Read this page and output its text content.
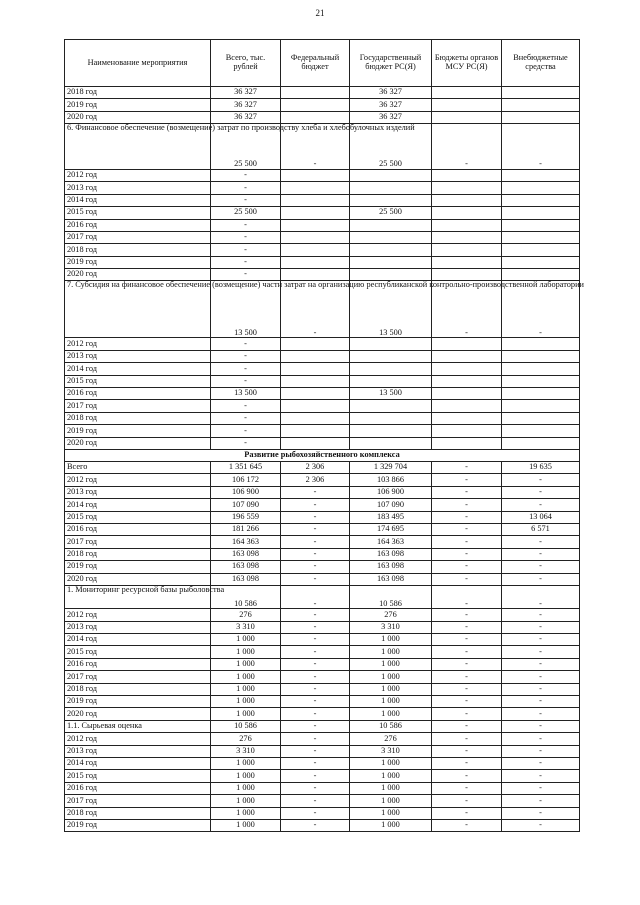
21
Наименование мероприятия	Всего, тыс. рублей	Федеральный бюджет	Государственный бюджет РС(Я)	Бюджеты органов МСУ РС(Я)	Внебюджетные средства
2018 год	36 327		36 327		
2019 год	36 327		36 327		
2020 год	36 327		36 327		
6. Финансовое обеспечение (возмещение) затрат по производству хлеба и хлебобулочных изделий	25 500	-	25 500	-	-
2012 год	-				
2013 год	-				
2014 год	-				
2015 год	25 500		25 500		
2016 год	-				
2017 год	-				
2018 год	-				
2019 год	-				
2020 год	-				
7. Субсидия на финансовое обеспечение (возмещение) части затрат на организацию республиканской контрольно-производственной лаборатории	13 500	-	13 500	-	-
2012 год	-				
2013 год	-				
2014 год	-				
2015 год	-				
2016 год	13 500		13 500		
2017 год	-				
2018 год	-				
2019 год	-				
2020 год	-				
Развитие рыбохозяйственного комплекса					
Всего	1 351 645	2 306	1 329 704	-	19 635
2012 год	106 172	2 306	103 866	-	-
2013 год	106 900	-	106 900	-	-
2014 год	107 090	-	107 090	-	-
2015 год	196 559	-	183 495	-	13 064
2016 год	181 266	-	174 695	-	6 571
2017 год	164 363	-	164 363	-	-
2018 год	163 098	-	163 098	-	-
2019 год	163 098	-	163 098	-	-
2020 год	163 098	-	163 098	-	-
1. Мониторинг ресурсной базы рыболовства	10 586	-	10 586	-	-
2012 год	276	-	276	-	-
2013 год	3 310	-	3 310	-	-
2014 год	1 000	-	1 000	-	-
2015 год	1 000	-	1 000	-	-
2016 год	1 000	-	1 000	-	-
2017 год	1 000	-	1 000	-	-
2018 год	1 000	-	1 000	-	-
2019 год	1 000	-	1 000	-	-
2020 год	1 000	-	1 000	-	-
1.1. Сырьевая оценка	10 586	-	10 586	-	-
2012 год	276	-	276	-	-
2013 год	3 310	-	3 310	-	-
2014 год	1 000	-	1 000	-	-
2015 год	1 000	-	1 000	-	-
2016 год	1 000	-	1 000	-	-
2017 год	1 000	-	1 000	-	-
2018 год	1 000	-	1 000	-	-
2019 год	1 000	-	1 000	-	-
